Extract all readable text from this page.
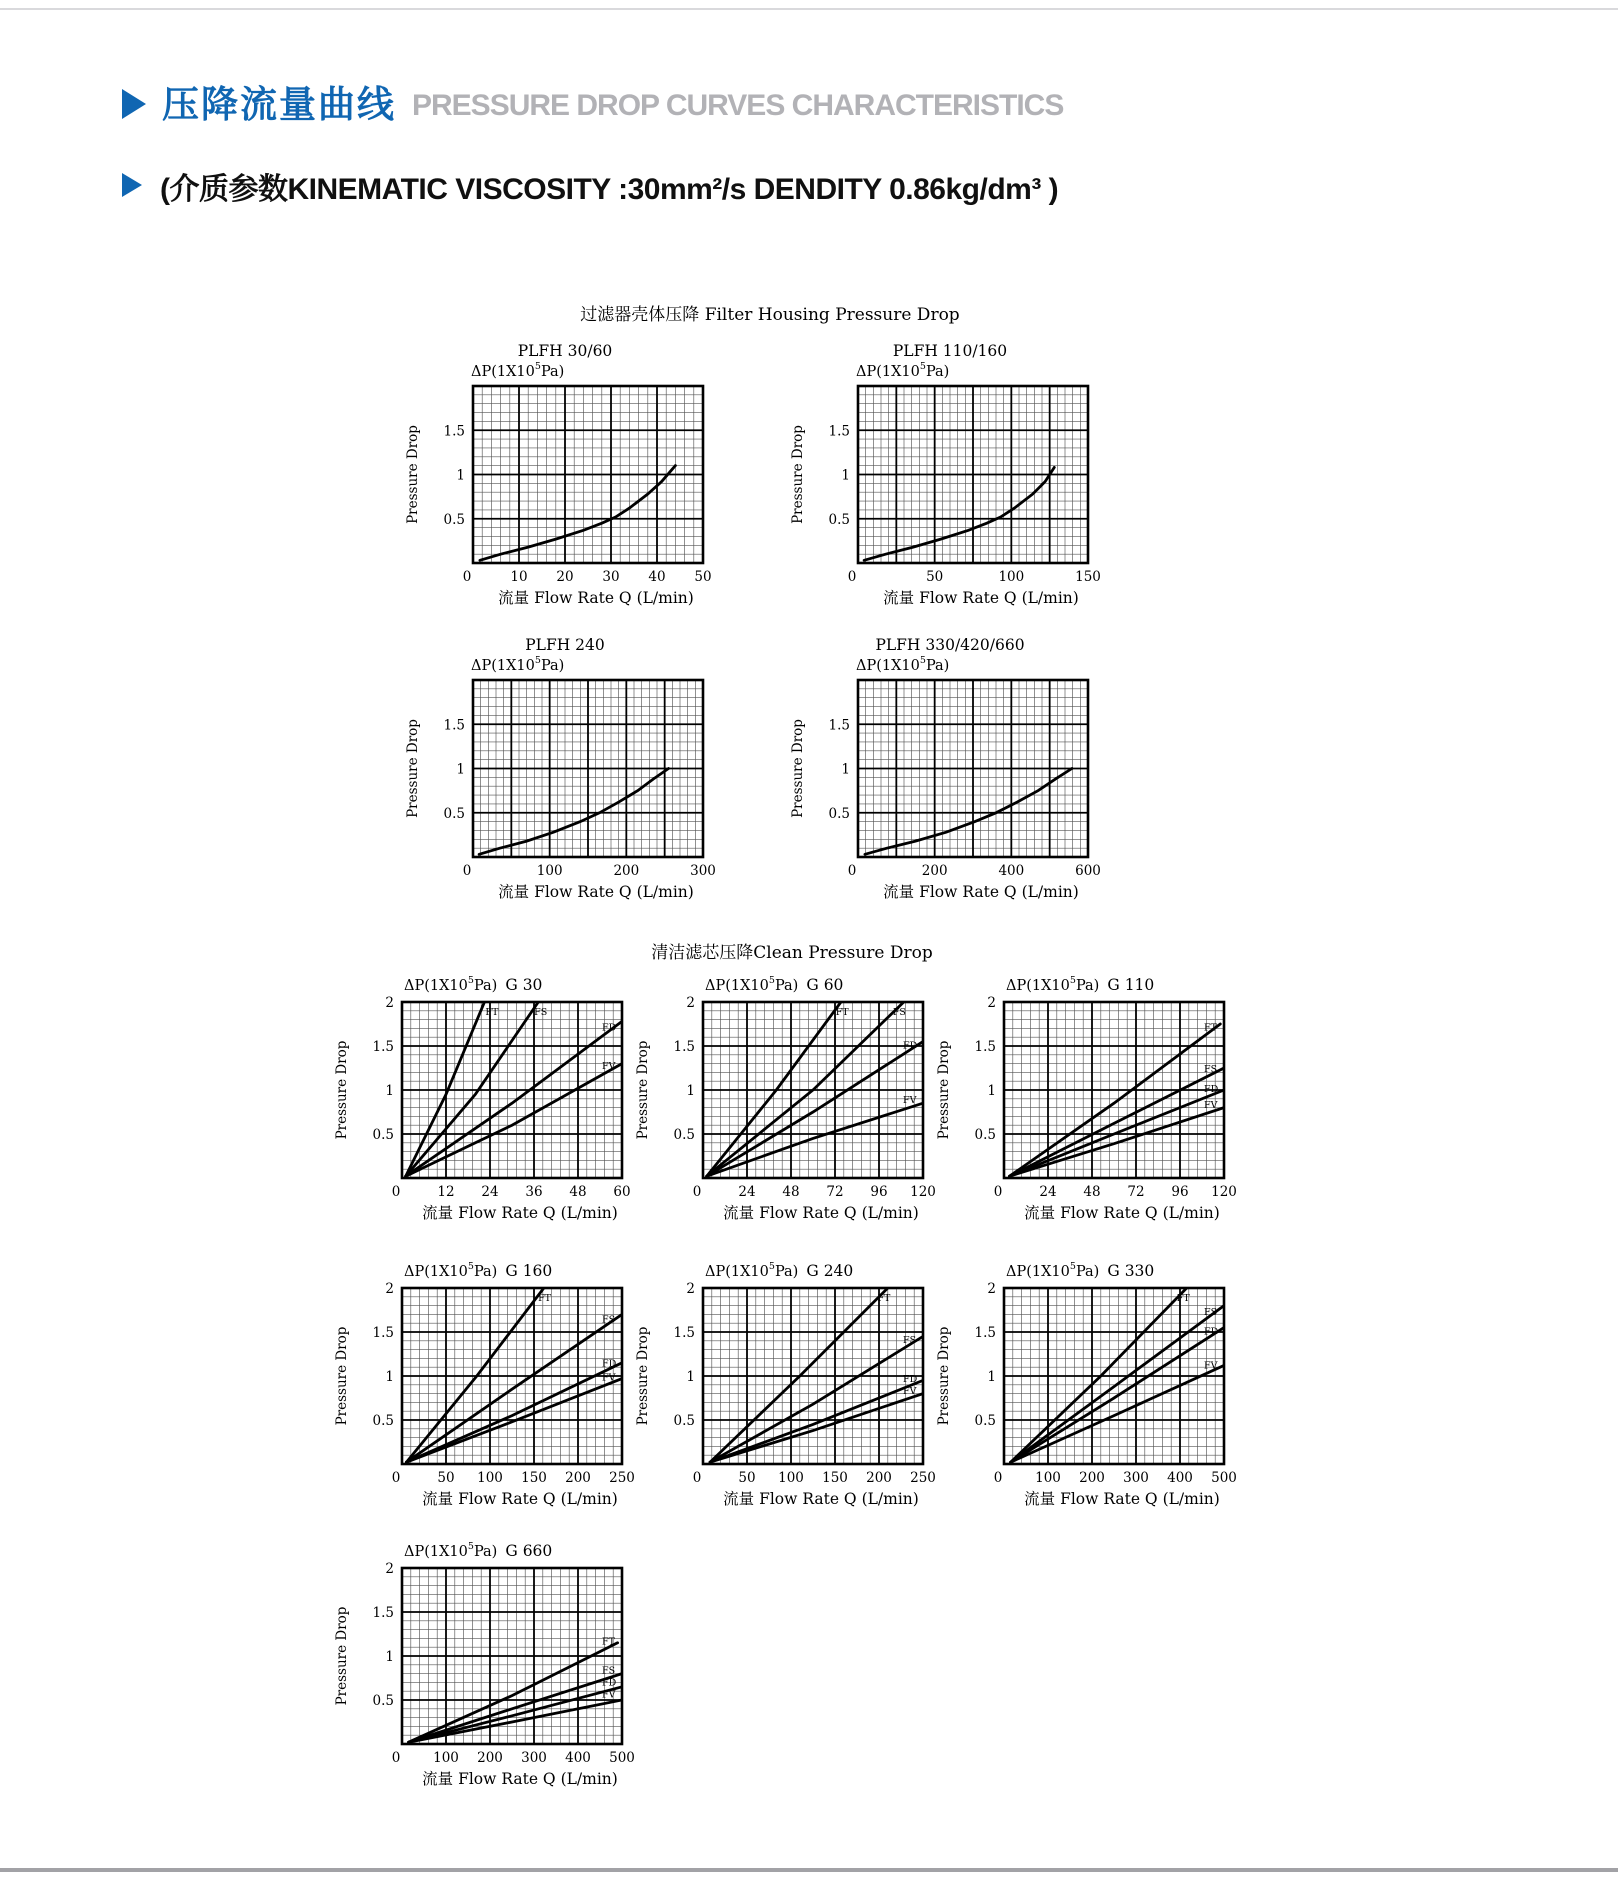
压降流量曲线 PRESSURE DROP CURVES CHARACTERISTICS
(介质参数KINEMATIC VISCOSITY :30mm²/s DENDITY 0.86kg/dm³ )
过滤器壳体压降 Filter Housing Pressure Drop
清洁滤芯压降Clean Pressure Drop
PLFH 30/60
$\Delta P(1X10^5Pa)$
0.5
1
1.5
0	10 20 30 40 50
流量 Flow Rate Q (L/min)
Pressure Drop
PLFH 110/160
$\Delta P(1X10^5Pa)$
0.5
1
1.5
0	50	100	150
流量 Flow Rate Q (L/min)
Pressure Drop
PLFH 240
$\Delta P(1X10^5Pa)$
0.5
1
1.5
0	100	200	300
流量 Flow Rate Q (L/min)
Pressure Drop
PLFH 330/420/660
$\Delta P(1X10^5Pa)$
0.5
1
1.5
0	200	400	600
流量 Flow Rate Q (L/min)
Pressure Drop
FT	FS
FD
FV
$\Delta P(1X10^5Pa)$ G 30
0.5
1
1.5
2
0	12 24 36 48 60
流量 Flow Rate Q (L/min)
Pressure Drop
FT	FS
FD
FV
$\Delta P(1X10^5Pa)$ G 60
0.5
1
1.5
2
0	24 48 72 96 120
流量 Flow Rate Q (L/min)
Pressure Drop
FT
FS
FD
FV
$\Delta P(1X10^5Pa)$ G 110
0.5
1
1.5
2
0	24 48 72 96 120
流量 Flow Rate Q (L/min)
Pressure Drop
FT
FS
FD
FV
$\Delta P(1X10^5Pa)$ G 160
0.5
1
1.5
2
0	50 100 150 200 250
流量 Flow Rate Q (L/min)
Pressure Drop
FT
FS
FD
FV
$\Delta P(1X10^5Pa)$ G 240
0.5
1
1.5
2
0	50 100 150 200 250
流量 Flow Rate Q (L/min)
Pressure Drop
FT
FS
FD
FV
$\Delta P(1X10^5Pa)$ G 330
0.5
1
1.5
2
0 100 200 300 400 500
流量 Flow Rate Q (L/min)
Pressure Drop
FT
FS
FD
FV
$\Delta P(1X10^5Pa)$ G 660
0.5
1
1.5
2
0 100 200 300 400 500
流量 Flow Rate Q (L/min)
Pressure Drop
